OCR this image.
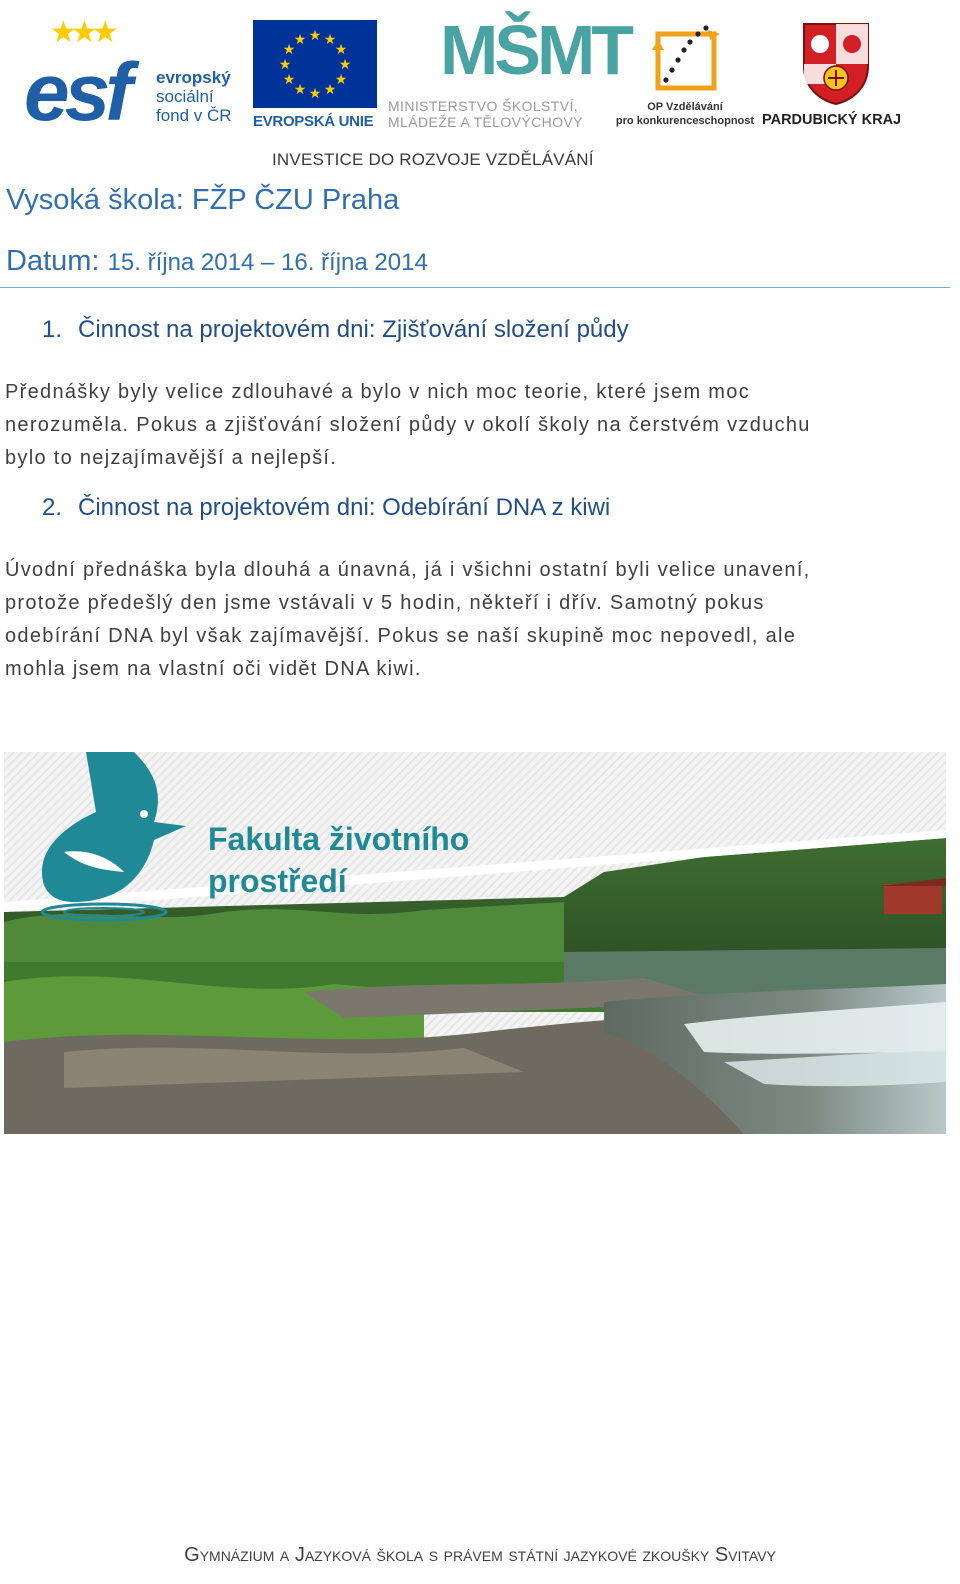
★★★
esf evropský
sociální
fond v ČR
★ ★
★
★
★
★
★
★
★
★
★
★
EVROPSKÁ UNIE
MŠMT
MINISTERSTVO ŠKOLSTVÍ,
MLÁDEŽE A TĚLOVÝCHOVY
OP Vzdělávání
pro konkurenceschopnost PARDUBICKÝ KRAJ
INVESTICE DO ROZVOJE VZDĚLÁVÁNÍ
Vysoká škola: FŽP ČZU Praha
Datum: 15. října 2014 – 16. října 2014
1. Činnost na projektovém dni: Zjišťování složení půdy
Přednášky byly velice zdlouhavé a bylo v nich moc teorie, které jsem moc
nerozuměla. Pokus a zjišťování složení půdy v okolí školy na čerstvém vzduchu
bylo to nejzajímavější a nejlepší.
2. Činnost na projektovém dni: Odebírání DNA z kiwi
Úvodní přednáška byla dlouhá a únavná, já i všichni ostatní byli velice unavení,
protože předešlý den jsme vstávali v 5 hodin, někteří i dřív. Samotný pokus
odebírání DNA byl však zajímavější. Pokus se naší skupině moc nepovedl, ale
mohla jsem na vlastní oči vidět DNA kiwi.
Fakulta životního
prostředí
Gymnázium a Jazyková škola s právem státní jazykové zkoušky Svitavy
